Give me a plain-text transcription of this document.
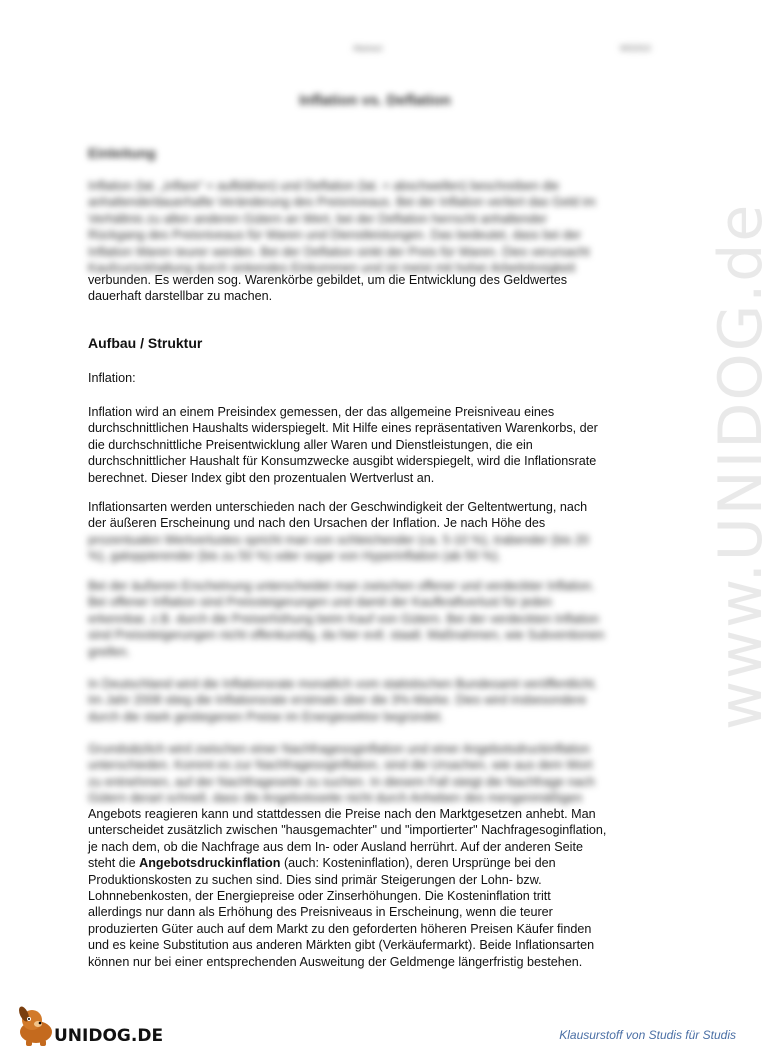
Abstract	WS2010
Inflation vs. Deflation
Einleitung
Inflation (lat. „inflare“ = aufblähen) und Deflation (lat. = abschwellen) beschreiben die
anhaltende/dauerhafte Veränderung des Preisniveaus. Bei der Inflation verliert das Geld im
Verhältnis zu allen anderen Gütern an Wert, bei der Deflation herrscht anhaltender
Rückgang des Preisniveaus für Waren und Dienstleistungen. Das bedeutet, dass bei der
Inflation Waren teurer werden. Bei der Deflation sinkt der Preis für Waren. Dies verursacht
Kaufzurückhaltung durch sinkendes Einkommen und ist meist mit hoher Arbeitslosigkeit
verbunden. Es werden sog. Warenkörbe gebildet, um die Entwicklung des Geldwertes
dauerhaft darstellbar zu machen.
Aufbau / Struktur
Inflation:
Inflation wird an einem Preisindex gemessen, der das allgemeine Preisniveau eines
durchschnittlichen Haushalts widerspiegelt. Mit Hilfe eines repräsentativen Warenkorbs, der
die durchschnittliche Preisentwicklung aller Waren und Dienstleistungen, die ein
durchschnittlicher Haushalt für Konsumzwecke ausgibt widerspiegelt, wird die Inflationsrate
berechnet. Dieser Index gibt den prozentualen Wertverlust an.
Inflationsarten werden unterschieden nach der Geschwindigkeit der Geltentwertung, nach
der äußeren Erscheinung und nach den Ursachen der Inflation. Je nach Höhe des
prozentualen Wertverlustes spricht man von schleichender (ca. 5-10 %), trabender (bis 20
%), galoppierender (bis zu 50 %) oder sogar von Hyperinflation (ab 50 %).
Bei der äußeren Erscheinung unterscheidet man zwischen offener und verdeckter Inflation.
Bei offener Inflation sind Preissteigerungen und damit der Kaufkraftverlust für jeden
erkennbar, z.B. durch die Preiserhöhung beim Kauf von Gütern. Bei der verdeckten Inflation
sind Preissteigerungen nicht offenkundig, da hier evtl. staatl. Maßnahmen, wie Subventionen
greifen.
In Deutschland wird die Inflationsrate monatlich vom statistischen Bundesamt veröffentlicht.
Im Jahr 2008 stieg die Inflationsrate erstmals über die 3%-Marke. Dies wird insbesondere
durch die stark gestiegenen Preise im Energiesektor begründet.
Grundsätzlich wird zwischen einer Nachfragesoginflation und einer Angebotsdruckinflation
unterschieden. Kommt es zur Nachfragesoginflation, sind die Ursachen, wie aus dem Wort
zu entnehmen, auf der Nachfrageseite zu suchen. In diesem Fall steigt die Nachfrage nach
Gütern derart schnell, dass die Angebotsseite nicht durch Anheben des mengenmäßigen
Angebots reagieren kann und stattdessen die Preise nach den Marktgesetzen anhebt. Man
unterscheidet zusätzlich zwischen "hausgemachter" und "importierter" Nachfragesoginflation,
je nach dem, ob die Nachfrage aus dem In- oder Ausland herrührt. Auf der anderen Seite
steht die Angebotsdruckinflation (auch: Kosteninflation), deren Ursprünge bei den
Produktionskosten zu suchen sind. Dies sind primär Steigerungen der Lohn- bzw.
Lohnnebenkosten, der Energiepreise oder Zinserhöhungen. Die Kosteninflation tritt
allerdings nur dann als Erhöhung des Preisniveaus in Erscheinung, wenn die teurer
produzierten Güter auch auf dem Markt zu den geforderten höheren Preisen Käufer finden
und es keine Substitution aus anderen Märkten gibt (Verkäufermarkt). Beide Inflationsarten
können nur bei einer entsprechenden Ausweitung der Geldmenge längerfristig bestehen.
www.UNIDOG.de
UNIDOG.DE	Klausurstoff von Studis für Studis
